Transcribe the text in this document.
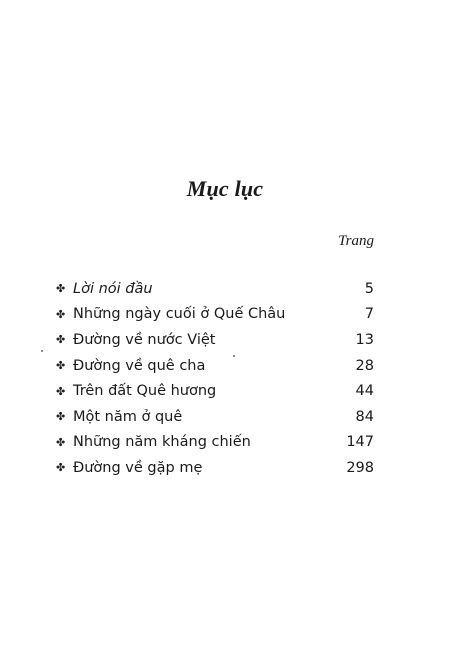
Mục lục
Trang
✤ Lời nói đầu	5
✤ Những ngày cuối ở Quế Châu	7
✤ Đường về nước Việt	13
✤ Đường về quê cha	28
✤ Trên đất Quê hương	44
✤ Một năm ở quê	84
✤ Những năm kháng chiến	147
✤ Đường về gặp mẹ	298
